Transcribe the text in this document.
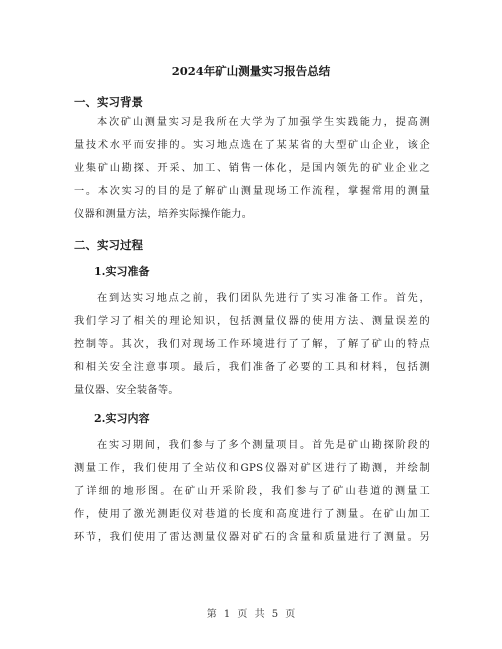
2024年矿山测量实习报告总结
一、实习背景

本次矿山测量实习是我所在大学为了加强学生实践能力，提高测

量技术水平而安排的。实习地点选在了某某省的大型矿山企业，该企

业集矿山勘探、开采、加工、销售一体化，是国内领先的矿业企业之

一。本次实习的目的是了解矿山测量现场工作流程，掌握常用的测量

仪器和测量方法，培养实际操作能力。

二、实习过程
1.实习准备

在到达实习地点之前，我们团队先进行了实习准备工作。首先，

我们学习了相关的理论知识，包括测量仪器的使用方法、测量误差的

控制等。其次，我们对现场工作环境进行了了解，了解了矿山的特点

和相关安全注意事项。最后，我们准备了必要的工具和材料，包括测

量仪器、安全装备等。

2.实习内容

在实习期间，我们参与了多个测量项目。首先是矿山勘探阶段的

测量工作，我们使用了全站仪和GPS仪器对矿区进行了勘测，并绘制

了详细的地形图。在矿山开采阶段，我们参与了矿山巷道的测量工

作，使用了激光测距仪对巷道的长度和高度进行了测量。在矿山加工

环节，我们使用了雷达测量仪器对矿石的含量和质量进行了测量。另

第 1 页 共 5 页
